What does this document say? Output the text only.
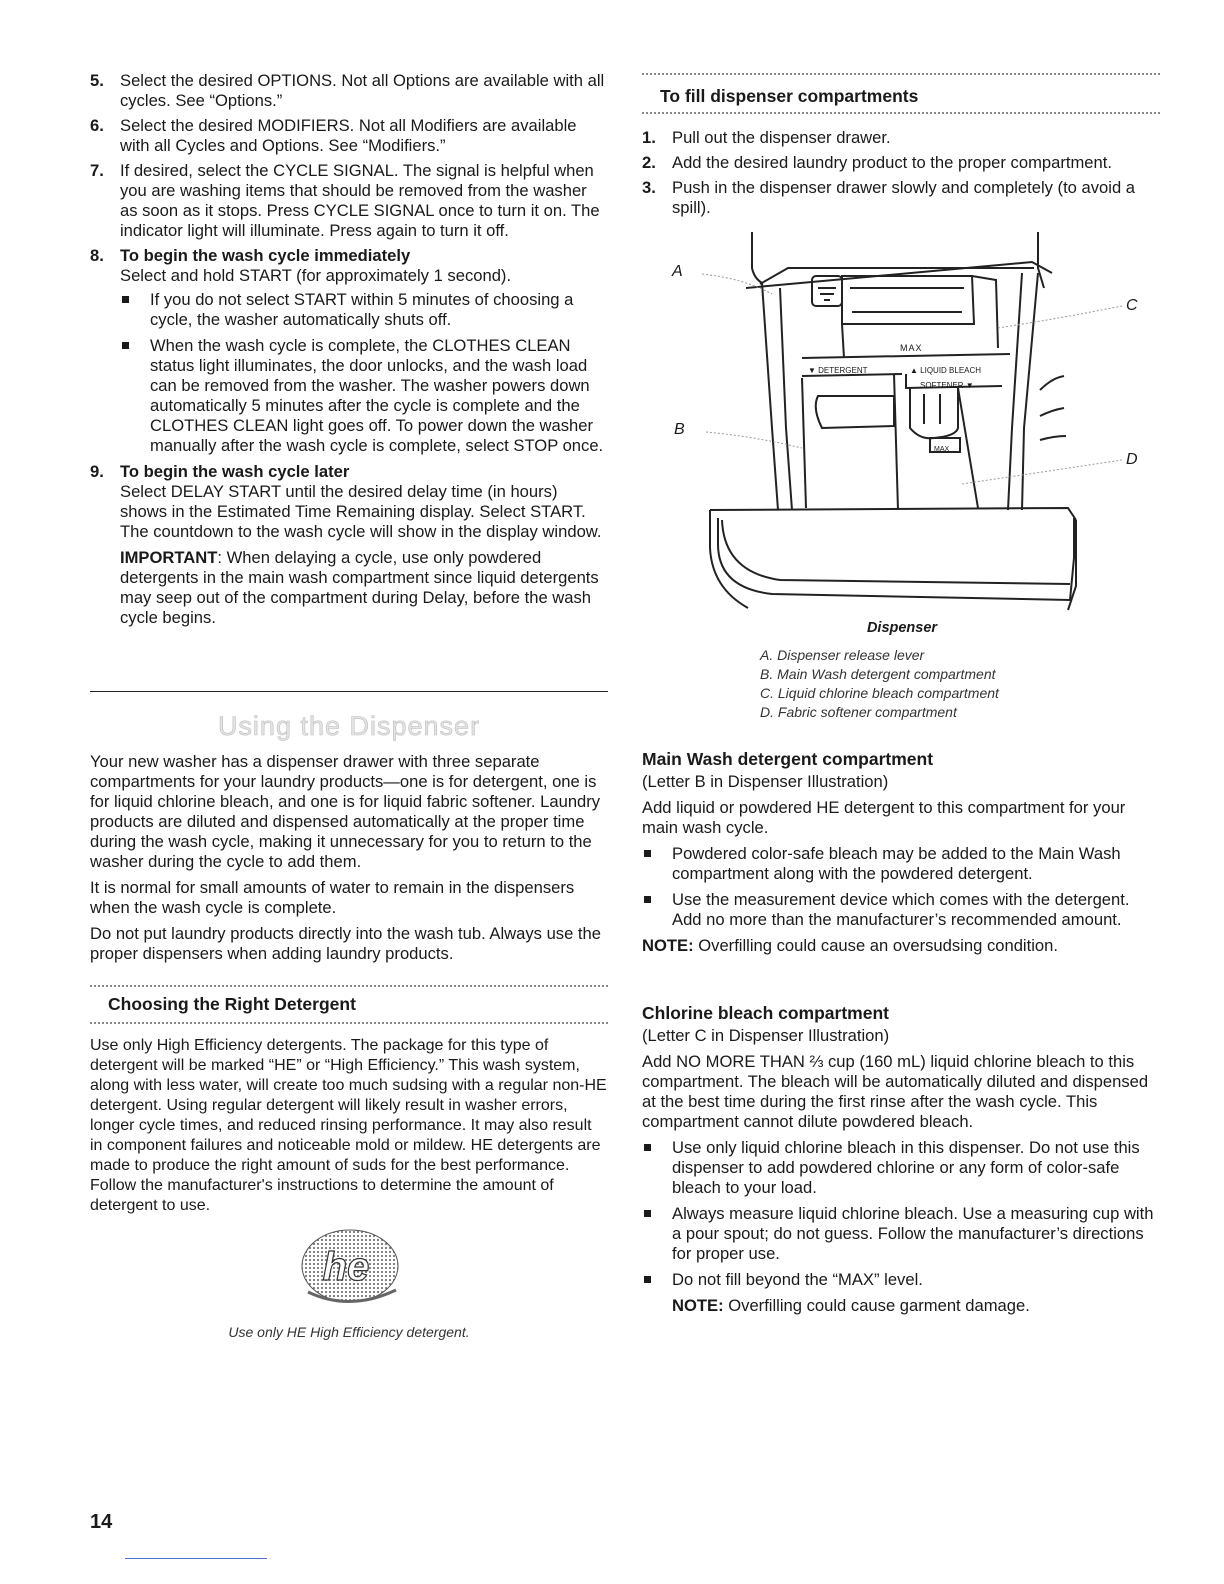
5. Select the desired OPTIONS. Not all Options are available with all cycles. See “Options.”
6. Select the desired MODIFIERS. Not all Modifiers are available with all Cycles and Options. See “Modifiers.”
7. If desired, select the CYCLE SIGNAL. The signal is helpful when you are washing items that should be removed from the washer as soon as it stops. Press CYCLE SIGNAL once to turn it on. The indicator light will illuminate. Press again to turn it off.
8. To begin the wash cycle immediately
Select and hold START (for approximately 1 second).
If you do not select START within 5 minutes of choosing a cycle, the washer automatically shuts off.
When the wash cycle is complete, the CLOTHES CLEAN status light illuminates, the door unlocks, and the wash load can be removed from the washer. The washer powers down automatically 5 minutes after the cycle is complete and the CLOTHES CLEAN light goes off. To power down the washer manually after the wash cycle is complete, select STOP once.
9. To begin the wash cycle later

Select DELAY START until the desired delay time (in hours) shows in the Estimated Time Remaining display. Select START. The countdown to the wash cycle will show in the display window.

IMPORTANT: When delaying a cycle, use only powdered detergents in the main wash compartment since liquid detergents may seep out of the compartment during Delay, before the wash cycle begins.

Using the Dispenser

Your new washer has a dispenser drawer with three separate compartments for your laundry products—one is for detergent, one is for liquid chlorine bleach, and one is for liquid fabric softener. Laundry products are diluted and dispensed automatically at the proper time during the wash cycle, making it unnecessary for you to return to the washer during the cycle to add them.

It is normal for small amounts of water to remain in the dispensers when the wash cycle is complete.

Do not put laundry products directly into the wash tub. Always use the proper dispensers when adding laundry products.

Choosing the Right Detergent
Use only High Efficiency detergents. The package for this type of detergent will be marked “HE” or “High Efficiency.” This wash system, along with less water, will create too much sudsing with a regular non-HE detergent. Using regular detergent will likely result in washer errors, longer cycle times, and reduced rinsing performance. It may also result in component failures and noticeable mold or mildew. HE detergents are made to produce the right amount of suds for the best performance. Follow the manufacturer's instructions to determine the amount of detergent to use.
he
Use only HE High Efficiency detergent.
To fill dispenser compartments
1. Pull out the dispenser drawer.
2. Add the desired laundry product to the proper compartment.
3. Push in the dispenser drawer slowly and completely (to avoid a spill).
A
C
B
D
MAX
▼ DETERGENT	▲ LIQUID BLEACH
SOFTENER ▼
MAX
Dispenser
A. Dispenser release lever
B. Main Wash detergent compartment
C. Liquid chlorine bleach compartment
D. Fabric softener compartment
Main Wash detergent compartment

(Letter B in Dispenser Illustration)

Add liquid or powdered HE detergent to this compartment for your main wash cycle.

Powdered color-safe bleach may be added to the Main Wash compartment along with the powdered detergent.
Use the measurement device which comes with the detergent. Add no more than the manufacturer’s recommended amount.

NOTE: Overfilling could cause an oversudsing condition.

Chlorine bleach compartment

(Letter C in Dispenser Illustration)

Add NO MORE THAN ⅔ cup (160 mL) liquid chlorine bleach to this compartment. The bleach will be automatically diluted and dispensed at the best time during the first rinse after the wash cycle. This compartment cannot dilute powdered bleach.

Use only liquid chlorine bleach in this dispenser. Do not use this dispenser to add powdered chlorine or any form of color-safe bleach to your load.
Always measure liquid chlorine bleach. Use a measuring cup with a pour spout; do not guess. Follow the manufacturer’s directions for proper use.
Do not fill beyond the “MAX” level.

NOTE: Overfilling could cause garment damage.

14
